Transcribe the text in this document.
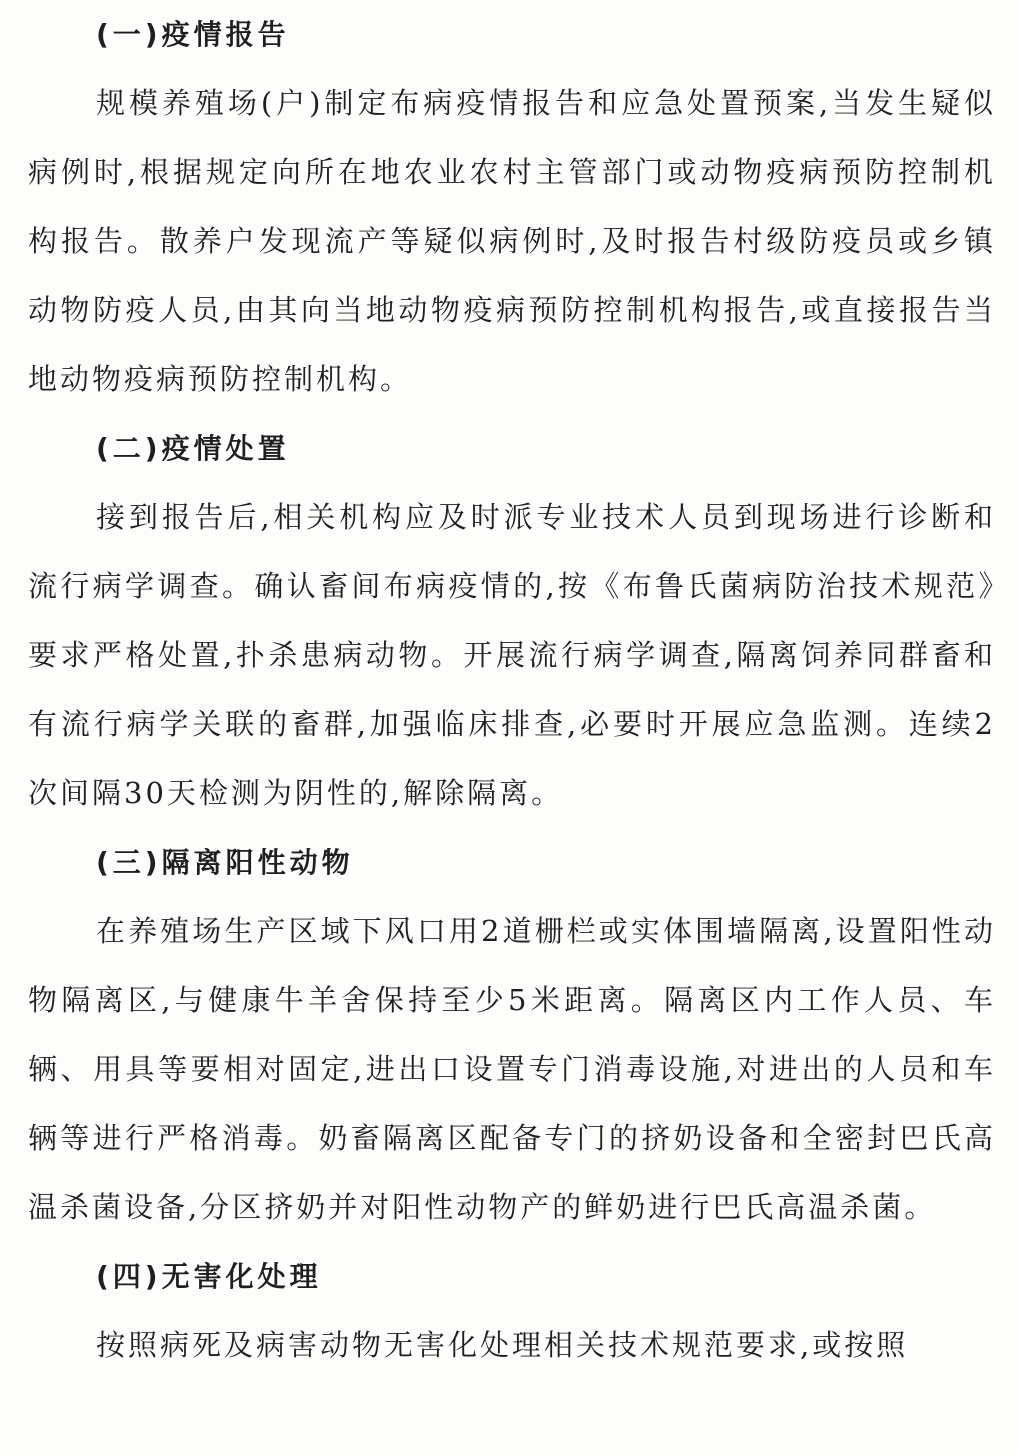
(一)疫情报告

规模养殖场(户)制定布病疫情报告和应急处置预案,当发生疑似病例时,根据规定向所在地农业农村主管部门或动物疫病预防控制机构报告。散养户发现流产等疑似病例时,及时报告村级防疫员或乡镇动物防疫人员,由其向当地动物疫病预防控制机构报告,或直接报告当地动物疫病预防控制机构。

(二)疫情处置

接到报告后,相关机构应及时派专业技术人员到现场进行诊断和流行病学调查。确认畜间布病疫情的,按《布鲁氏菌病防治技术规范》要求严格处置,扑杀患病动物。开展流行病学调查,隔离饲养同群畜和有流行病学关联的畜群,加强临床排查,必要时开展应急监测。连续2次间隔30天检测为阴性的,解除隔离。

(三)隔离阳性动物

在养殖场生产区域下风口用2道栅栏或实体围墙隔离,设置阳性动物隔离区,与健康牛羊舍保持至少5米距离。隔离区内工作人员、车辆、用具等要相对固定,进出口设置专门消毒设施,对进出的人员和车辆等进行严格消毒。奶畜隔离区配备专门的挤奶设备和全密封巴氏高温杀菌设备,分区挤奶并对阳性动物产的鲜奶进行巴氏高温杀菌。

(四)无害化处理

按照病死及病害动物无害化处理相关技术规范要求,或按照
